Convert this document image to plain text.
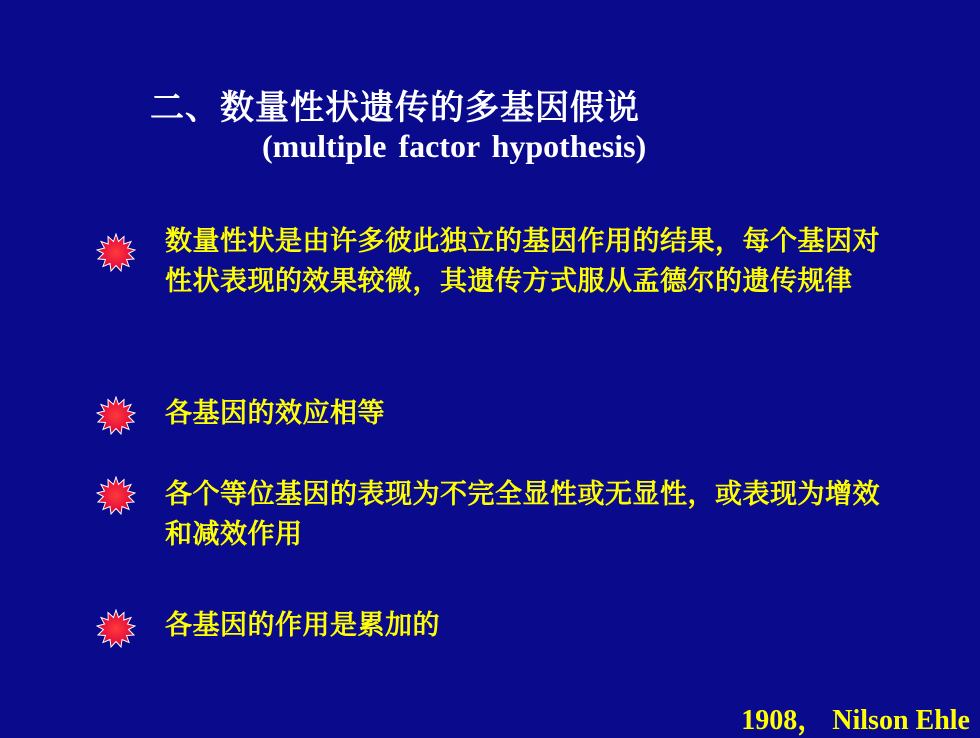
二、数量性状遗传的多基因假说
(multiple factor hypothesis)
数量性状是由许多彼此独立的基因作用的结果，每个基因对性状表现的效果较微，其遗传方式服从孟德尔的遗传规律
各基因的效应相等
各个等位基因的表现为不完全显性或无显性，或表现为增效和减效作用
各基因的作用是累加的
1908， Nilson Ehle
